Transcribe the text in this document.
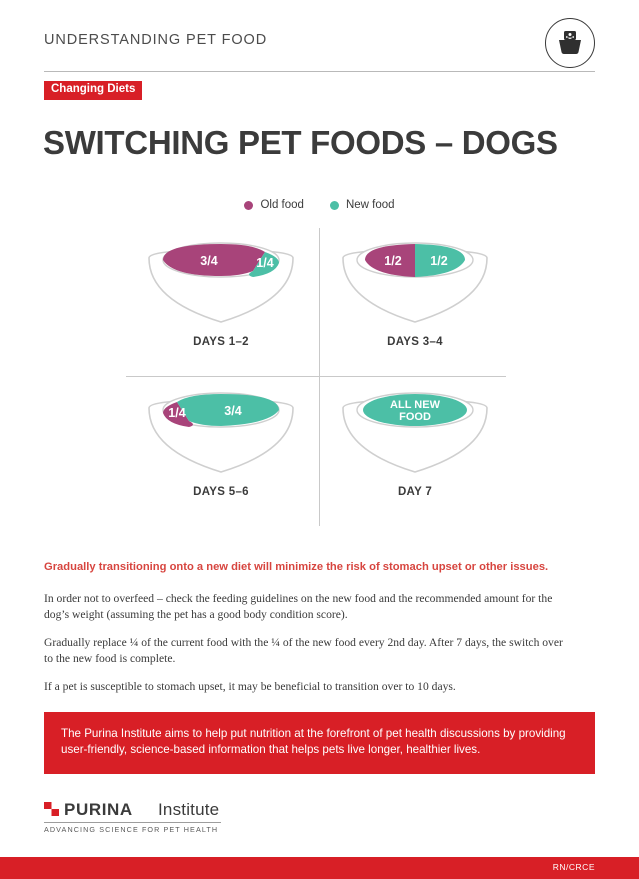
UNDERSTANDING PET FOOD
Changing Diets
SWITCHING PET FOODS – DOGS
Old food	New food
3/4	1/4
DAYS 1–2
1/2 1/2
DAYS 3–4
1/4	3/4
DAYS 5–6
ALL NEW
FOOD
DAY 7
Gradually transitioning onto a new diet will minimize the risk of stomach upset or other issues.

In order not to overfeed – check the feeding guidelines on the new food and the recommended amount for the dog’s weight (assuming the pet has a good body condition score).

Gradually replace ¼ of the current food with the ¼ of the new food every 2nd day. After 7 days, the switch over to the new food is complete.

If a pet is susceptible to stomach upset, it may be beneficial to transition over to 10 days.

The Purina Institute aims to help put nutrition at the forefront of pet health discussions by providing user-friendly, science-based information that helps pets live longer, healthier lives.
PURINA Institute
ADVANCING SCIENCE FOR PET HEALTH
RN/CRCE
